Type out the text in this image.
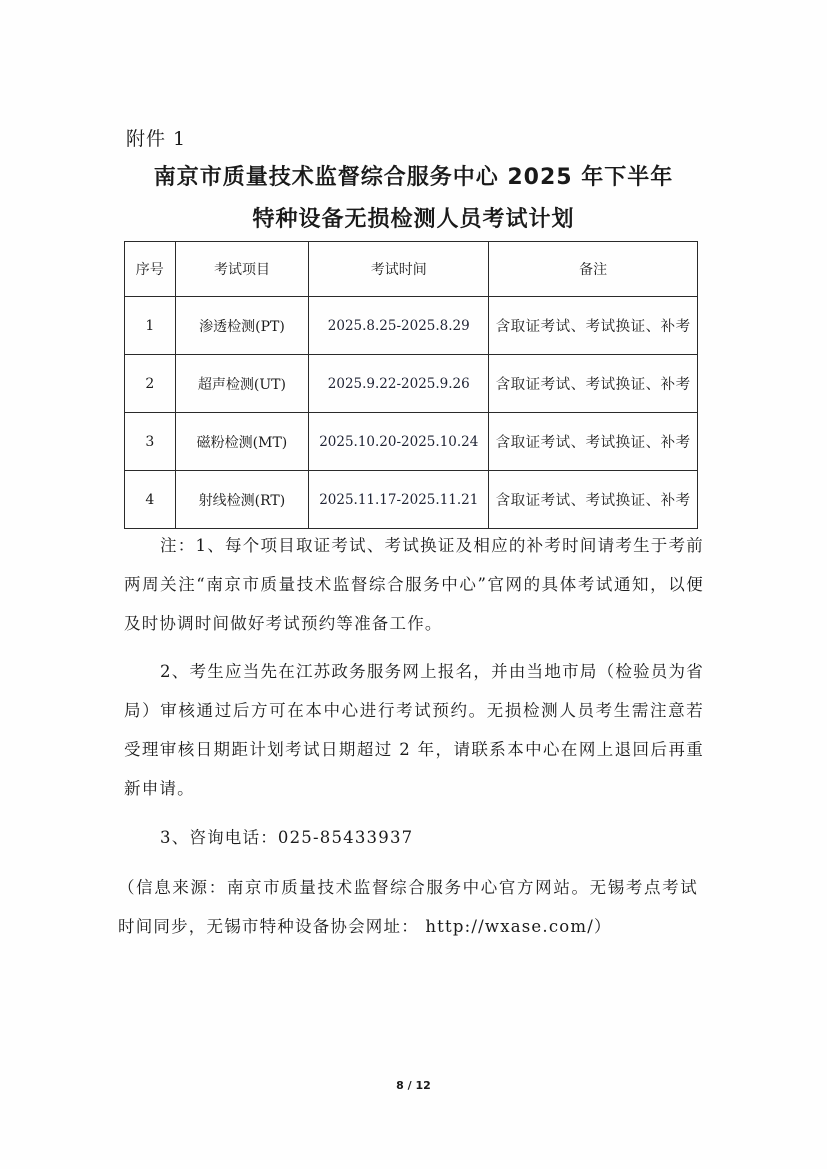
附件 1
南京市质量技术监督综合服务中心 2025 年下半年
特种设备无损检测人员考试计划
序号	考试项目	考试时间	备注
1	渗透检测(PT)	2025.8.25-2025.8.29	含取证考试、考试换证、补考
2	超声检测(UT)	2025.9.22-2025.9.26	含取证考试、考试换证、补考
3	磁粉检测(MT)	2025.10.20-2025.10.24	含取证考试、考试换证、补考
4	射线检测(RT)	2025.11.17-2025.11.21	含取证考试、考试换证、补考

注：1、每个项目取证考试、考试换证及相应的补考时间请考生于考前两周关注“南京市质量技术监督综合服务中心”官网的具体考试通知，以便及时协调时间做好考试预约等准备工作。

2、考生应当先在江苏政务服务网上报名，并由当地市局（检验员为省局）审核通过后方可在本中心进行考试预约。无损检测人员考生需注意若受理审核日期距计划考试日期超过 2 年，请联系本中心在网上退回后再重新申请。

3、咨询电话：025-85433937

（信息来源：南京市质量技术监督综合服务中心官方网站。无锡考点考试时间同步，无锡市特种设备协会网址： http://wxase.com/）

8 / 12
